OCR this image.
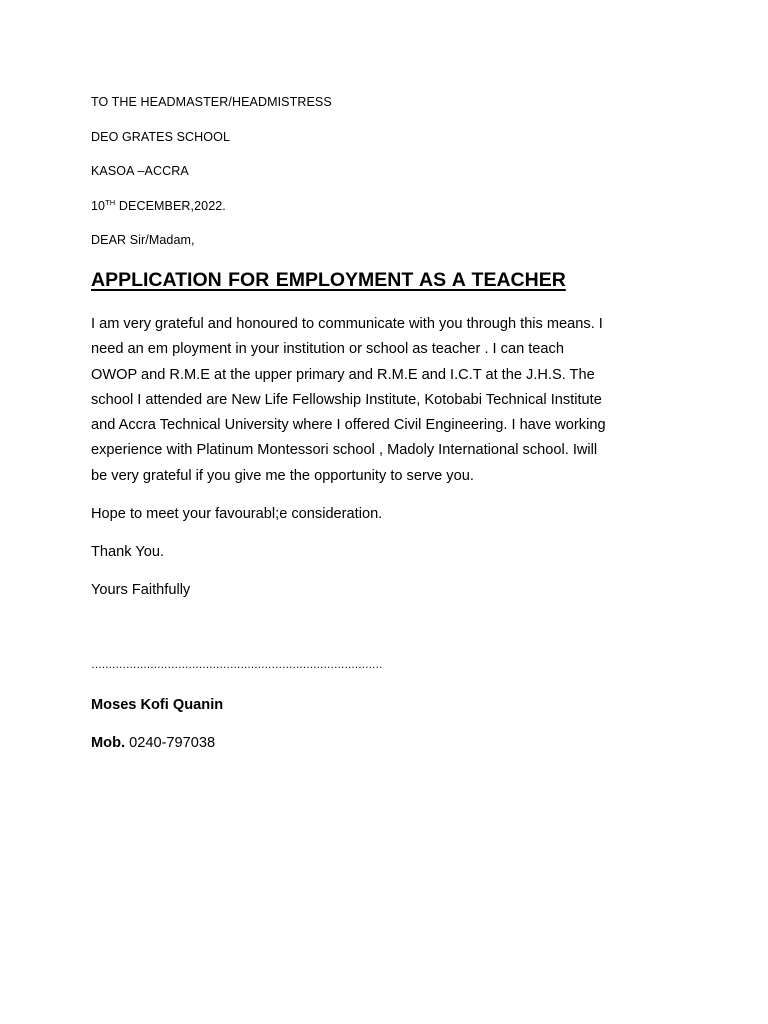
TO THE HEADMASTER/HEADMISTRESS
DEO GRATES SCHOOL
KASOA –ACCRA
10TH DECEMBER,2022.
DEAR Sir/Madam,
APPLICATION FOR EMPLOYMENT AS A TEACHER
I am very grateful and honoured to communicate with you through this means. I
need an em ployment in your institution or school as teacher . I can teach
OWOP and R.M.E at the upper primary and R.M.E and I.C.T at the J.H.S. The
school I attended are New Life Fellowship Institute, Kotobabi Technical Institute
and Accra Technical University where I offered Civil Engineering. I have working
experience with Platinum Montessori school , Madoly International school. Iwill
be very grateful if you give me the opportunity to serve you.
Hope to meet your favourabl;e consideration.
Thank You.
Yours Faithfully
…………………………………………………………………………
Moses Kofi Quanin
Mob. 0240-797038
